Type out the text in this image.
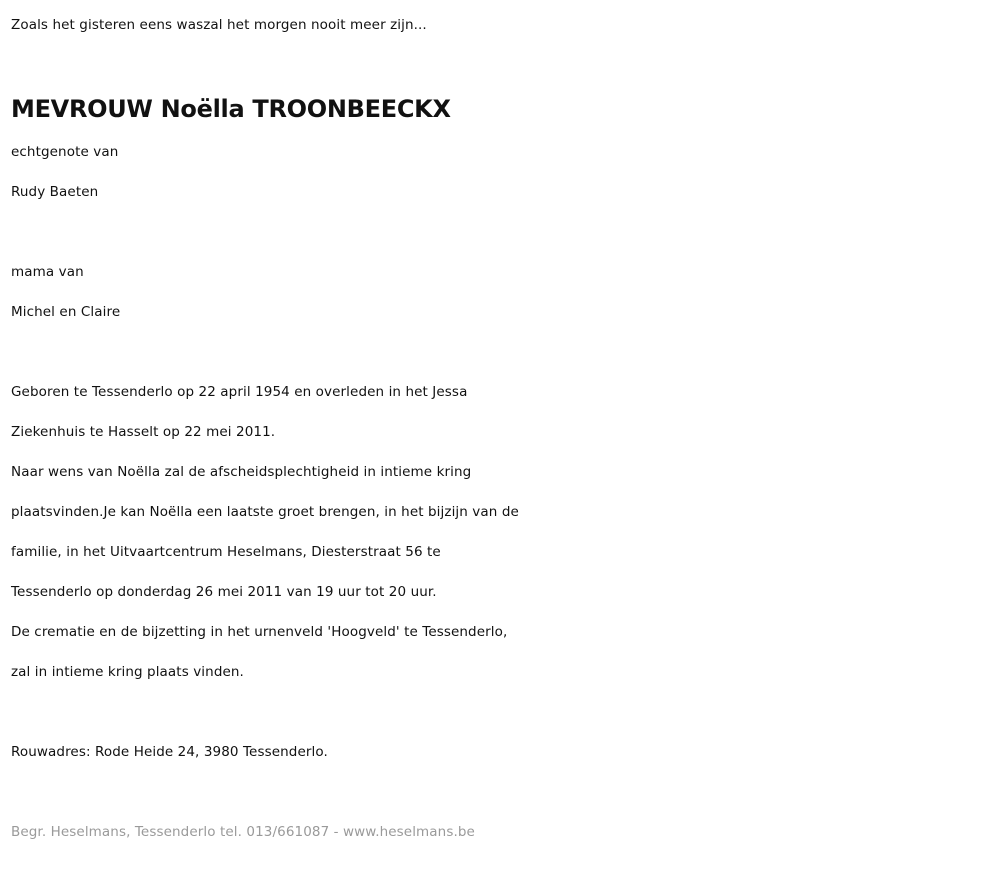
Zoals het gisteren eens waszal het morgen nooit meer zijn...
MEVROUW Noëlla TROONBEECKX
echtgenote van
Rudy Baeten
mama van
Michel en Claire
Geboren te Tessenderlo op 22 april 1954 en overleden in het Jessa
Ziekenhuis te Hasselt op 22 mei 2011.
Naar wens van Noëlla zal de afscheidsplechtigheid in intieme kring
plaatsvinden.Je kan Noëlla een laatste groet brengen, in het bijzijn van de
familie, in het Uitvaartcentrum Heselmans, Diesterstraat 56 te
Tessenderlo op donderdag 26 mei 2011 van 19 uur tot 20 uur.
De crematie en de bijzetting in het urnenveld 'Hoogveld' te Tessenderlo,
zal in intieme kring plaats vinden.
Rouwadres: Rode Heide 24, 3980 Tessenderlo.
Begr. Heselmans, Tessenderlo tel. 013/661087 - www.heselmans.be
